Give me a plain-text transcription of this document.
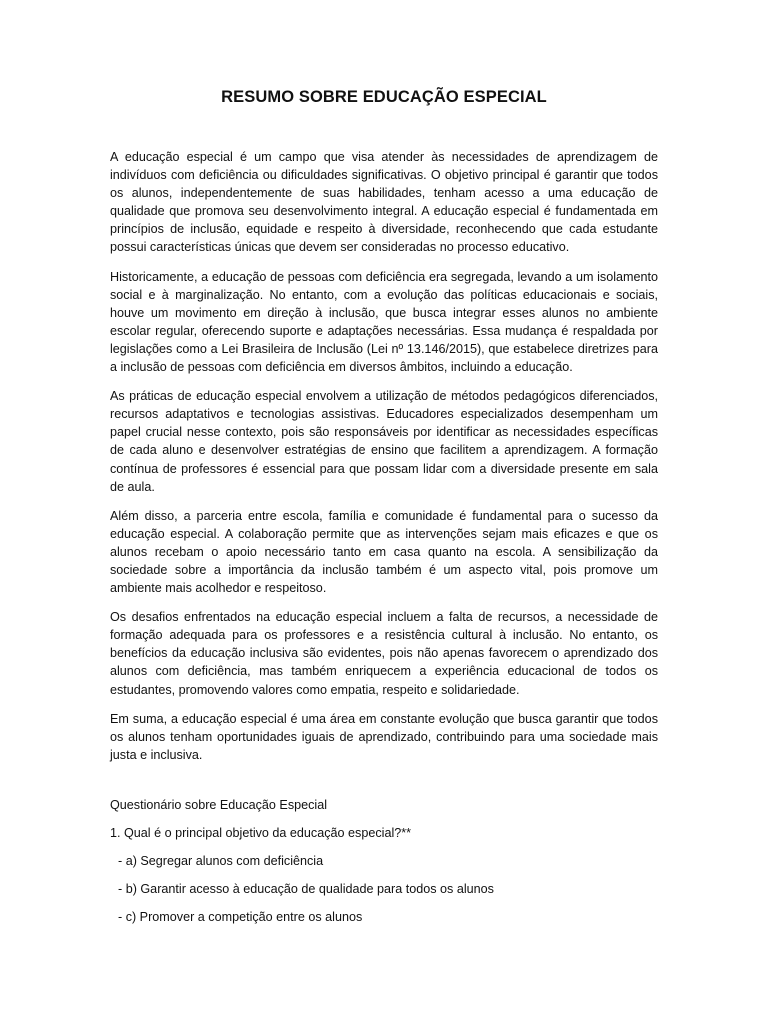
RESUMO SOBRE EDUCAÇÃO ESPECIAL

A educação especial é um campo que visa atender às necessidades de aprendizagem de indivíduos com deficiência ou dificuldades significativas. O objetivo principal é garantir que todos os alunos, independentemente de suas habilidades, tenham acesso a uma educação de qualidade que promova seu desenvolvimento integral. A educação especial é fundamentada em princípios de inclusão, equidade e respeito à diversidade, reconhecendo que cada estudante possui características únicas que devem ser consideradas no processo educativo.

Historicamente, a educação de pessoas com deficiência era segregada, levando a um isolamento social e à marginalização. No entanto, com a evolução das políticas educacionais e sociais, houve um movimento em direção à inclusão, que busca integrar esses alunos no ambiente escolar regular, oferecendo suporte e adaptações necessárias. Essa mudança é respaldada por legislações como a Lei Brasileira de Inclusão (Lei nº 13.146/2015), que estabelece diretrizes para a inclusão de pessoas com deficiência em diversos âmbitos, incluindo a educação.

As práticas de educação especial envolvem a utilização de métodos pedagógicos diferenciados, recursos adaptativos e tecnologias assistivas. Educadores especializados desempenham um papel crucial nesse contexto, pois são responsáveis por identificar as necessidades específicas de cada aluno e desenvolver estratégias de ensino que facilitem a aprendizagem. A formação contínua de professores é essencial para que possam lidar com a diversidade presente em sala de aula.

Além disso, a parceria entre escola, família e comunidade é fundamental para o sucesso da educação especial. A colaboração permite que as intervenções sejam mais eficazes e que os alunos recebam o apoio necessário tanto em casa quanto na escola. A sensibilização da sociedade sobre a importância da inclusão também é um aspecto vital, pois promove um ambiente mais acolhedor e respeitoso.

Os desafios enfrentados na educação especial incluem a falta de recursos, a necessidade de formação adequada para os professores e a resistência cultural à inclusão. No entanto, os benefícios da educação inclusiva são evidentes, pois não apenas favorecem o aprendizado dos alunos com deficiência, mas também enriquecem a experiência educacional de todos os estudantes, promovendo valores como empatia, respeito e solidariedade.

Em suma, a educação especial é uma área em constante evolução que busca garantir que todos os alunos tenham oportunidades iguais de aprendizado, contribuindo para uma sociedade mais justa e inclusiva.

Questionário sobre Educação Especial
1. Qual é o principal objetivo da educação especial?**
- a) Segregar alunos com deficiência
- b) Garantir acesso à educação de qualidade para todos os alunos
- c) Promover a competição entre os alunos
